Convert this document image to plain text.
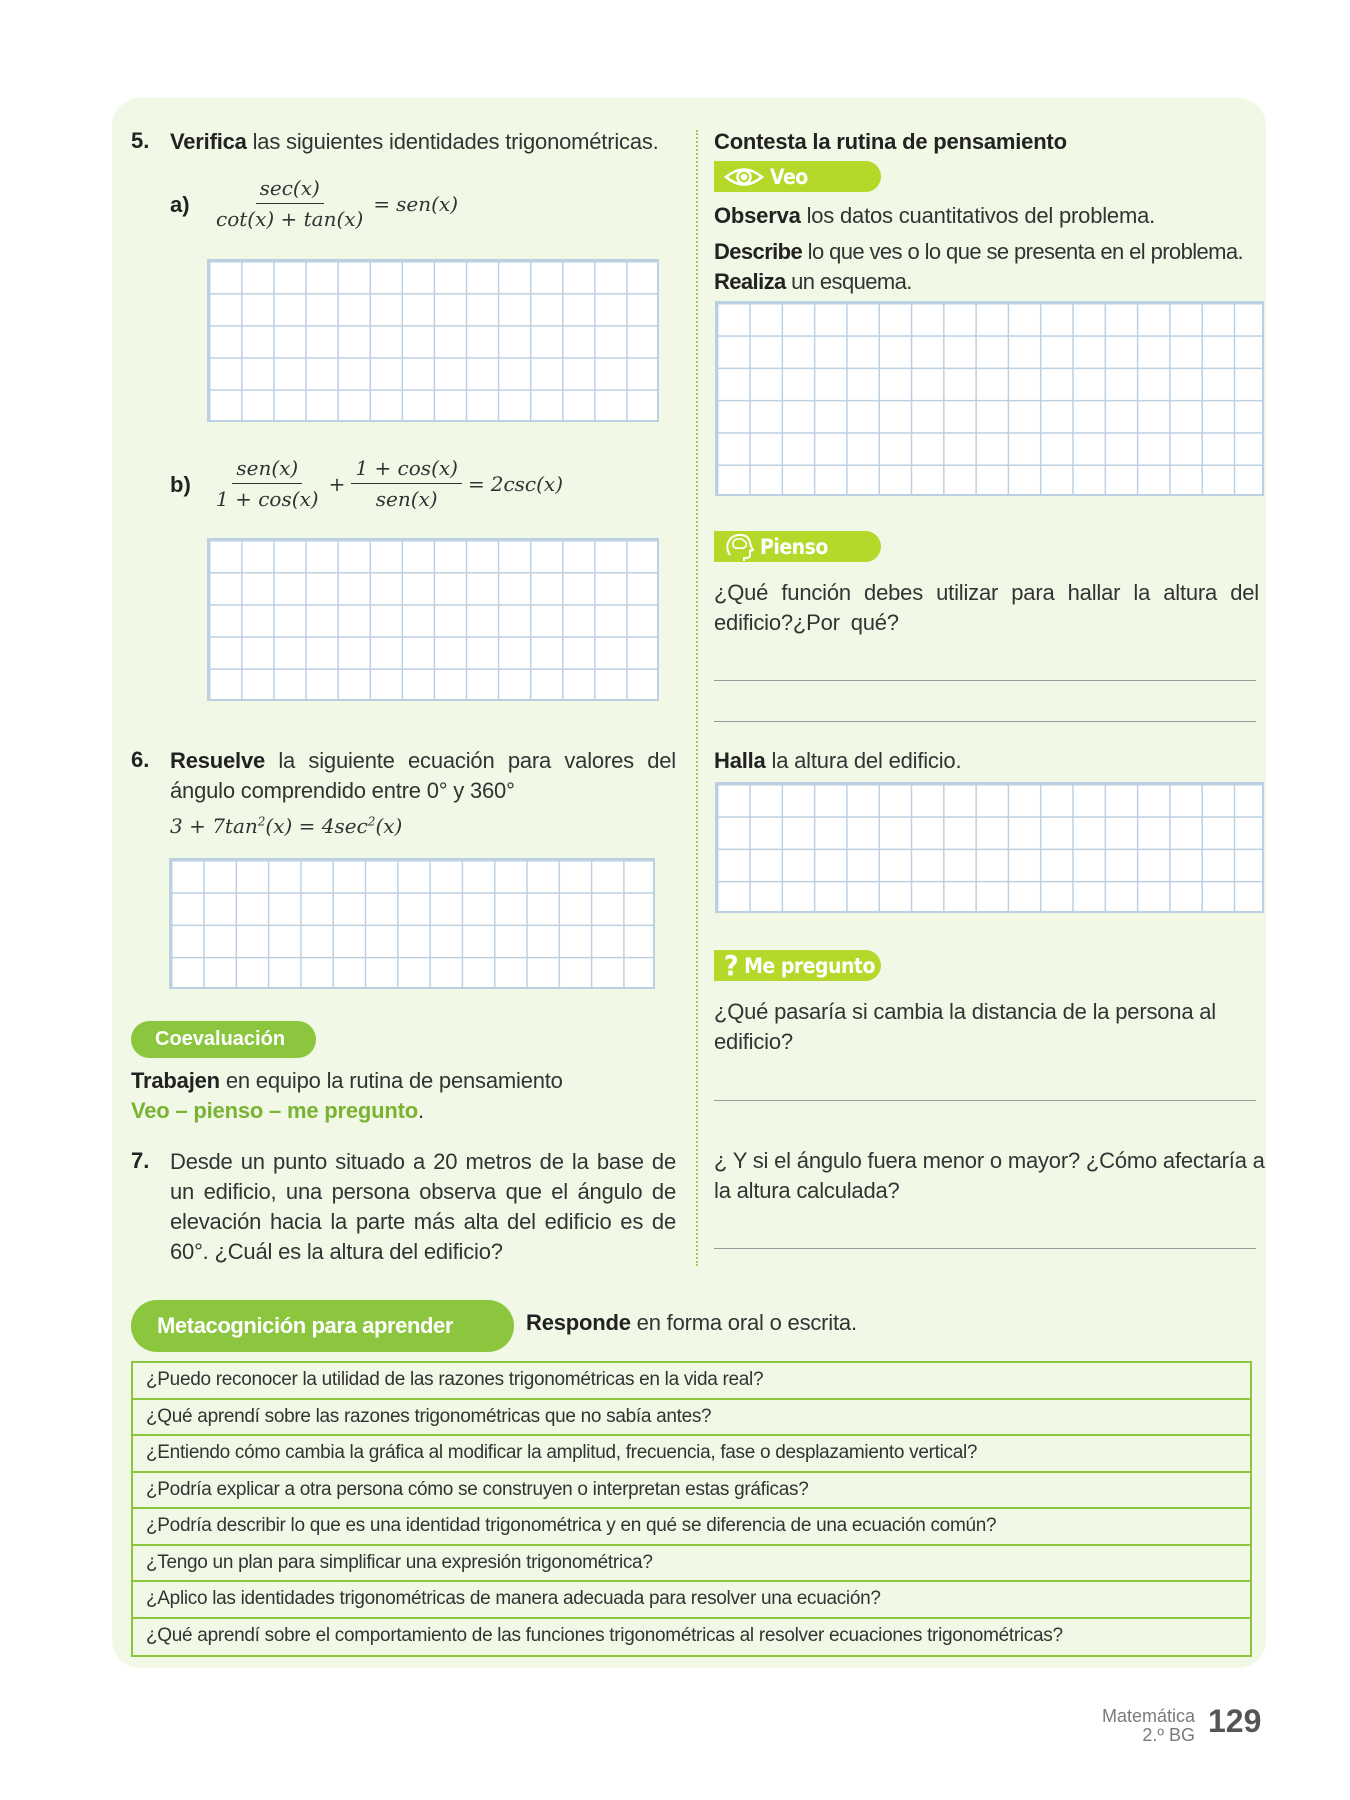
5. Verifica las siguientes identidades trigonométricas.
$a) \frac{\sec(x)}{\cot(x) + \tan(x)} = sen(x)$
$b) \frac{\text{sen(x)}}{1 + \cos(x)} + \frac{1 + \cos(x)}{\text{sen(x)}} = 2\csc(x)$
6. Resuelve la siguiente ecuación para valores del ángulo comprendido entre 0° y 360°
$3 + 7\tan^2(x) = 4\sec^2(x)$
Coevaluación
Trabajen en equipo la rutina de pensamiento
Veo – pienso – me pregunto.
7. Desde un punto situado a 20 metros de la base de un edificio, una persona observa que el ángulo de elevación hacia la parte más alta del edificio es de 60°. ¿Cuál es la altura del edificio?
Contesta la rutina de pensamiento
Veo
Observa los datos cuantitativos del problema.
Describe lo que ves o lo que se presenta en el problema.
Realiza un esquema.
Pienso
¿Qué función debes utilizar para hallar la altura del edificio?¿Por qué?
Halla la altura del edificio.
? Me pregunto
¿Qué pasaría si cambia la distancia de la persona al edificio?
¿ Y si el ángulo fuera menor o mayor? ¿Cómo afectaría a la altura calculada?
Metacognición para aprender	Responde en forma oral o escrita.
¿Puedo reconocer la utilidad de las razones trigonométricas en la vida real?
¿Qué aprendí sobre las razones trigonométricas que no sabía antes?
¿Entiendo cómo cambia la gráfica al modificar la amplitud, frecuencia, fase o desplazamiento vertical?
¿Podría explicar a otra persona cómo se construyen o interpretan estas gráficas?
¿Podría describir lo que es una identidad trigonométrica y en qué se diferencia de una ecuación común?
¿Tengo un plan para simplificar una expresión trigonométrica?
¿Aplico las identidades trigonométricas de manera adecuada para resolver una ecuación?
¿Qué aprendí sobre el comportamiento de las funciones trigonométricas al resolver ecuaciones trigonométricas?
Matemática
2.º BG 129
